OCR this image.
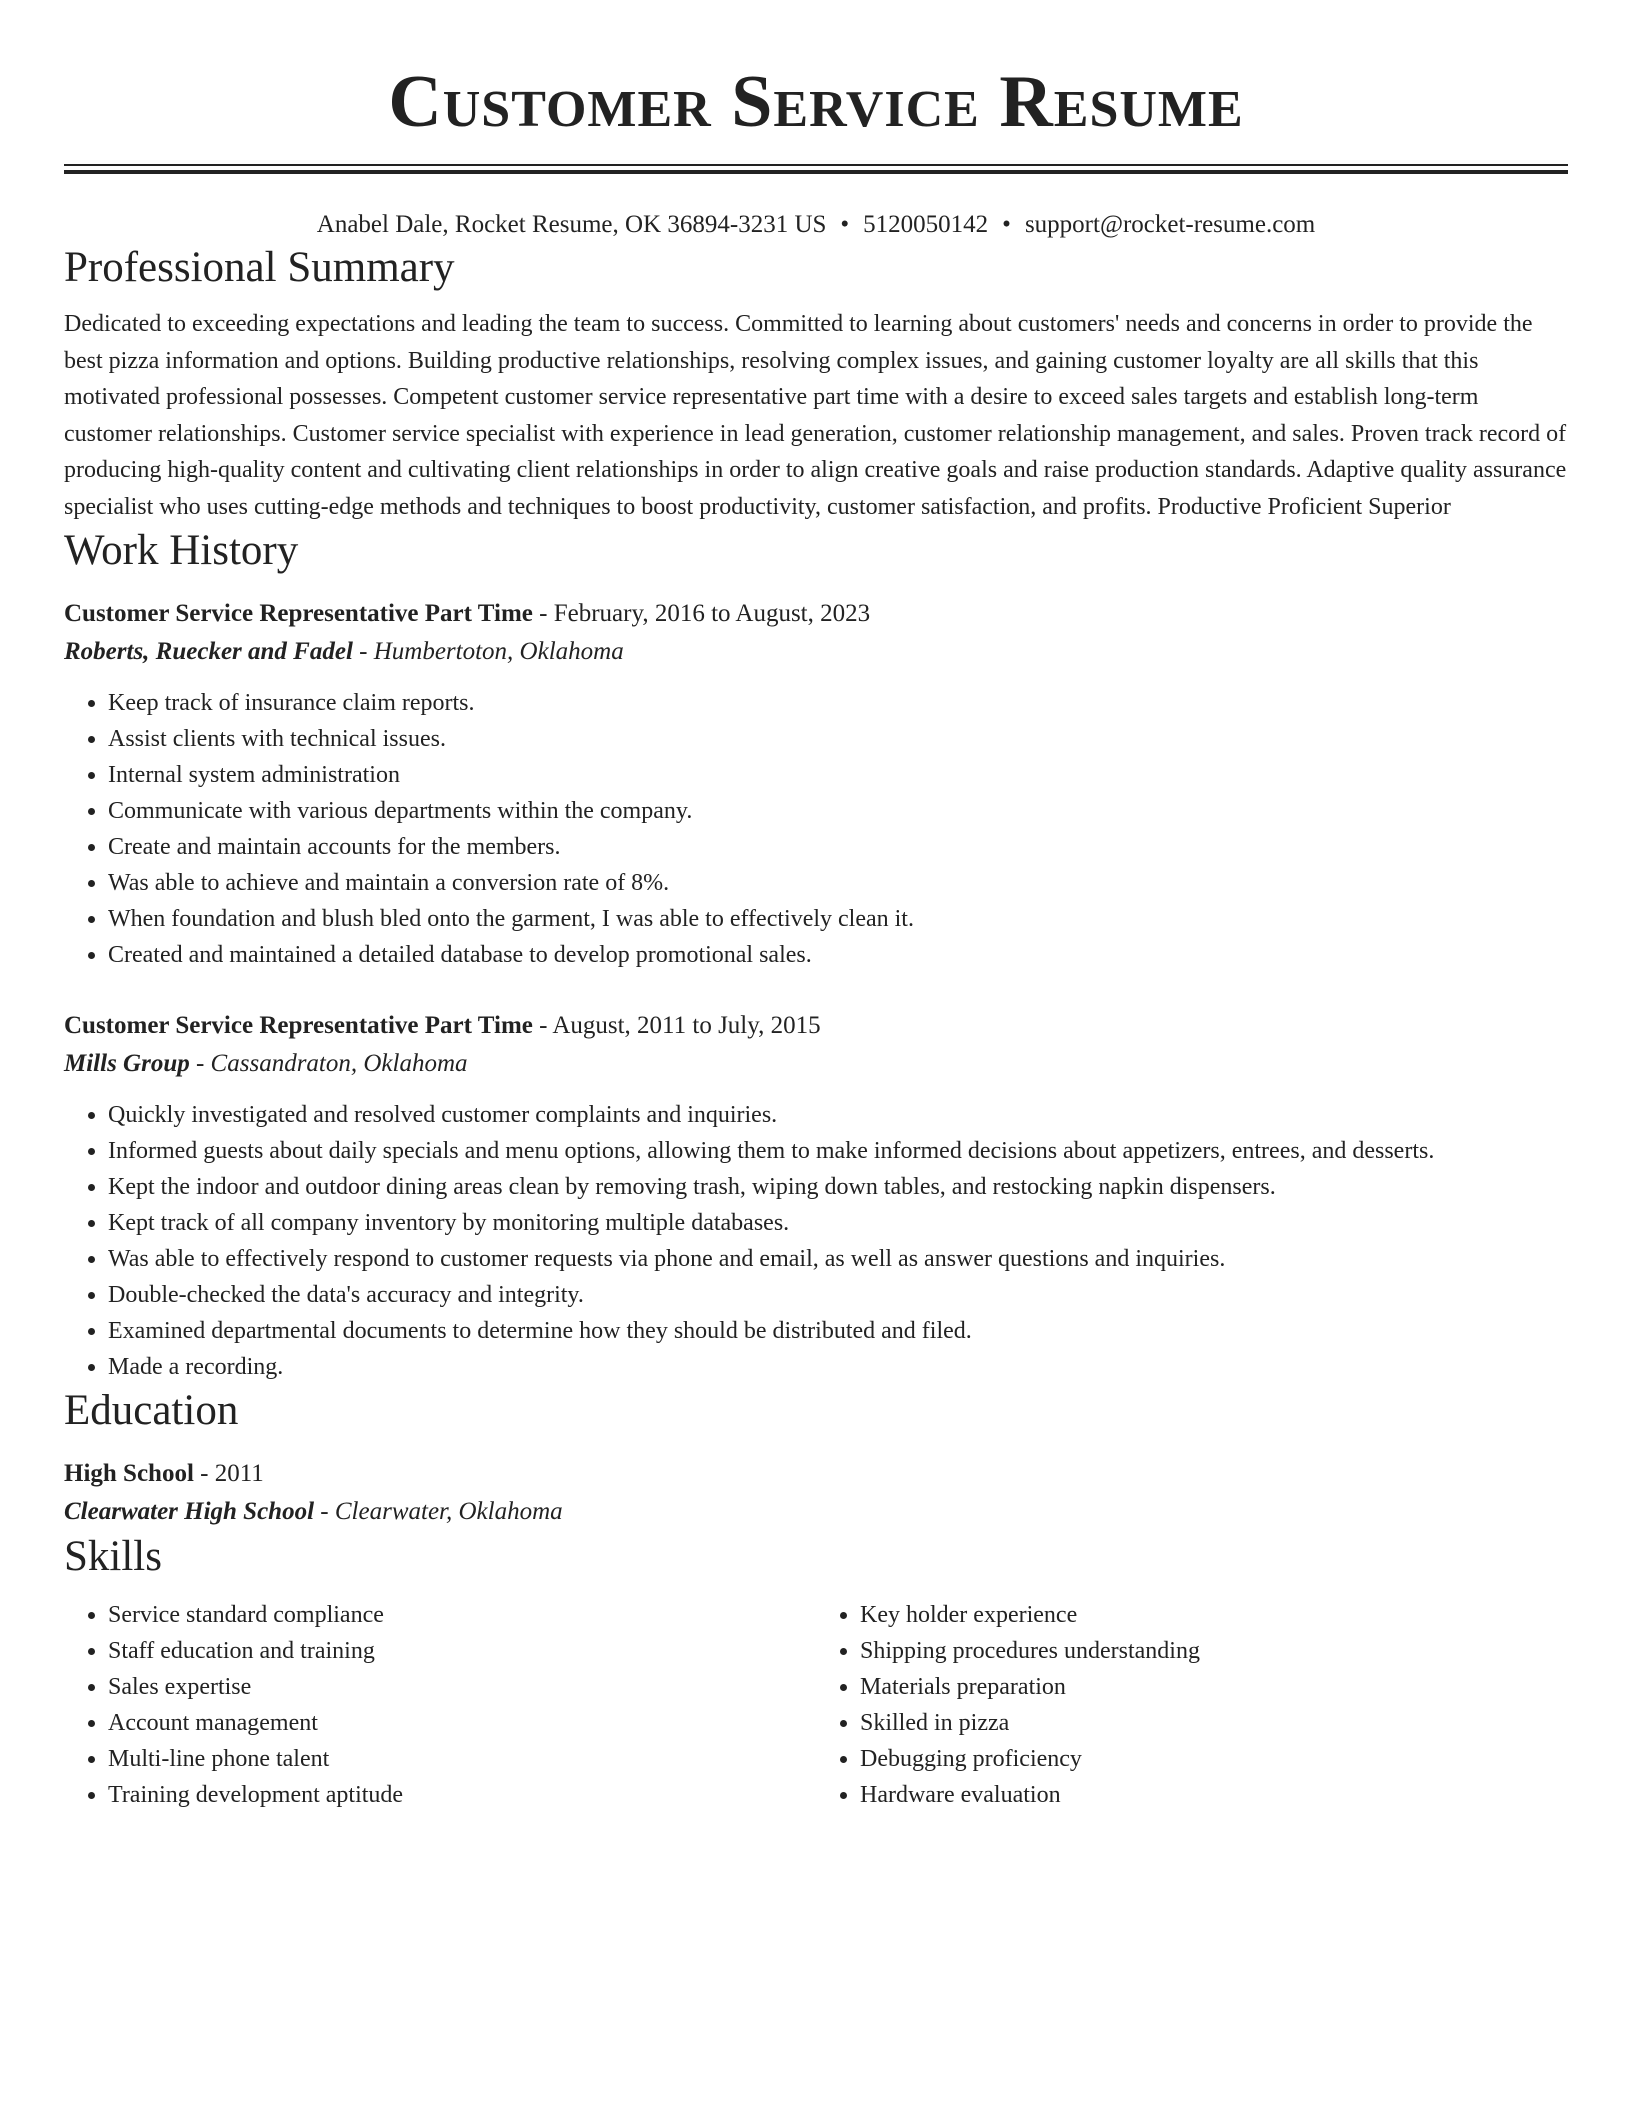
Customer Service Resume
Anabel Dale, Rocket Resume, OK 36894-3231 US • 5120050142 • support@rocket-resume.com
Professional Summary

Dedicated to exceeding expectations and leading the team to success. Committed to learning about customers' needs and concerns in order to provide the best pizza information and options. Building productive relationships, resolving complex issues, and gaining customer loyalty are all skills that this motivated professional possesses. Competent customer service representative part time with a desire to exceed sales targets and establish long-term customer relationships. Customer service specialist with experience in lead generation, customer relationship management, and sales. Proven track record of producing high-quality content and cultivating client relationships in order to align creative goals and raise production standards. Adaptive quality assurance specialist who uses cutting-edge methods and techniques to boost productivity, customer satisfaction, and profits. Productive Proficient Superior

Work History
Customer Service Representative Part Time - February, 2016 to August, 2023
Roberts, Ruecker and Fadel - Humbertoton, Oklahoma
• Keep track of insurance claim reports.
• Assist clients with technical issues.
• Internal system administration
• Communicate with various departments within the company.
• Create and maintain accounts for the members.
• Was able to achieve and maintain a conversion rate of 8%.
• When foundation and blush bled onto the garment, I was able to effectively clean it.
• Created and maintained a detailed database to develop promotional sales.
Customer Service Representative Part Time - August, 2011 to July, 2015
Mills Group - Cassandraton, Oklahoma
• Quickly investigated and resolved customer complaints and inquiries.
• Informed guests about daily specials and menu options, allowing them to make informed decisions about appetizers, entrees, and desserts.
• Kept the indoor and outdoor dining areas clean by removing trash, wiping down tables, and restocking napkin dispensers.
• Kept track of all company inventory by monitoring multiple databases.
• Was able to effectively respond to customer requests via phone and email, as well as answer questions and inquiries.
• Double-checked the data's accuracy and integrity.
• Examined departmental documents to determine how they should be distributed and filed.
• Made a recording.
Education
High School - 2011
Clearwater High School - Clearwater, Oklahoma
Skills
• Service standard compliance
• Staff education and training
• Sales expertise
• Account management
• Multi-line phone talent
• Training development aptitude
• Key holder experience
• Shipping procedures understanding
• Materials preparation
• Skilled in pizza
• Debugging proficiency
• Hardware evaluation
